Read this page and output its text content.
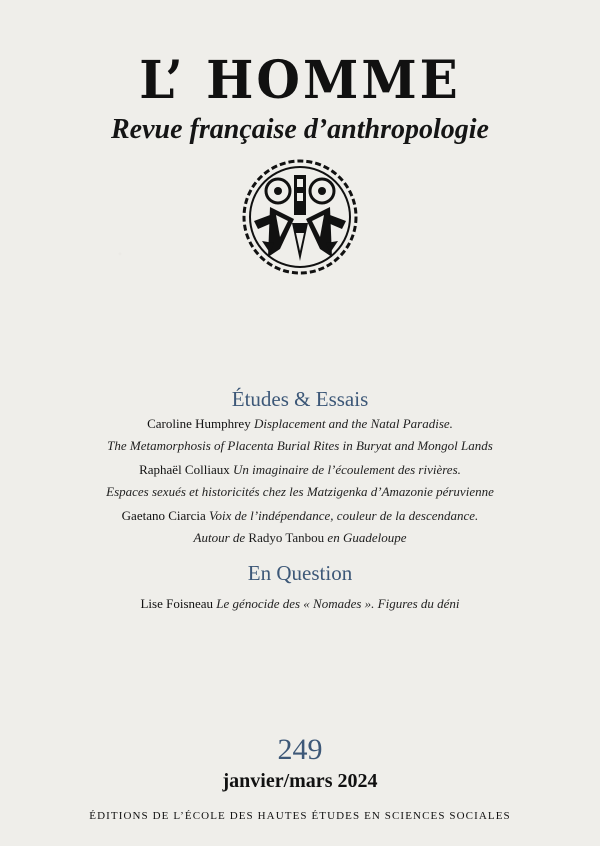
L’ HOMME
Revue française d’anthropologie
Études & Essais
Caroline Humphrey Displacement and the Natal Paradise.
The Metamorphosis of Placenta Burial Rites in Buryat and Mongol Lands
Raphaël Colliaux Un imaginaire de l’écoulement des rivières.
Espaces sexués et historicités chez les Matzigenka d’Amazonie péruvienne
Gaetano Ciarcia Voix de l’indépendance, couleur de la descendance.
Autour de Radyo Tanbou en Guadeloupe
En Question
Lise Foisneau Le génocide des « Nomades ». Figures du déni
249
janvier/mars 2024
ÉDITIONS DE L’ÉCOLE DES HAUTES ÉTUDES EN SCIENCES SOCIALES
